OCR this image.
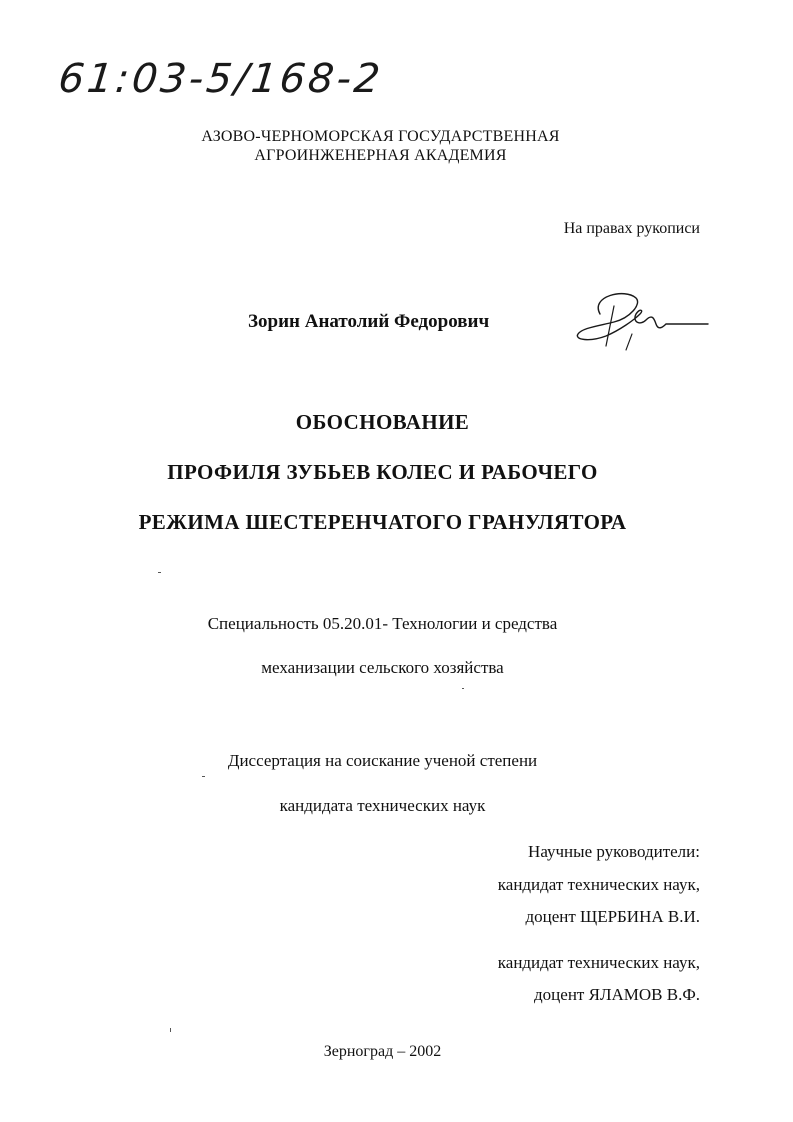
61:03-5/168-2
АЗОВО-ЧЕРНОМОРСКАЯ ГОСУДАРСТВЕННАЯ
АГРОИНЖЕНЕРНАЯ АКАДЕМИЯ
На правах рукописи
Зорин Анатолий Федорович
ОБОСНОВАНИЕ
ПРОФИЛЯ ЗУБЬЕВ КОЛЕС И РАБОЧЕГО
РЕЖИМА ШЕСТЕРЕНЧАТОГО ГРАНУЛЯТОРА
Специальность 05.20.01- Технологии и средства
механизации сельского хозяйства
Диссертация на соискание ученой степени
кандидата технических наук
Научные руководители:
кандидат технических наук,
доцент ЩЕРБИНА В.И.
кандидат технических наук,
доцент ЯЛАМОВ В.Ф.
Зерноград – 2002
